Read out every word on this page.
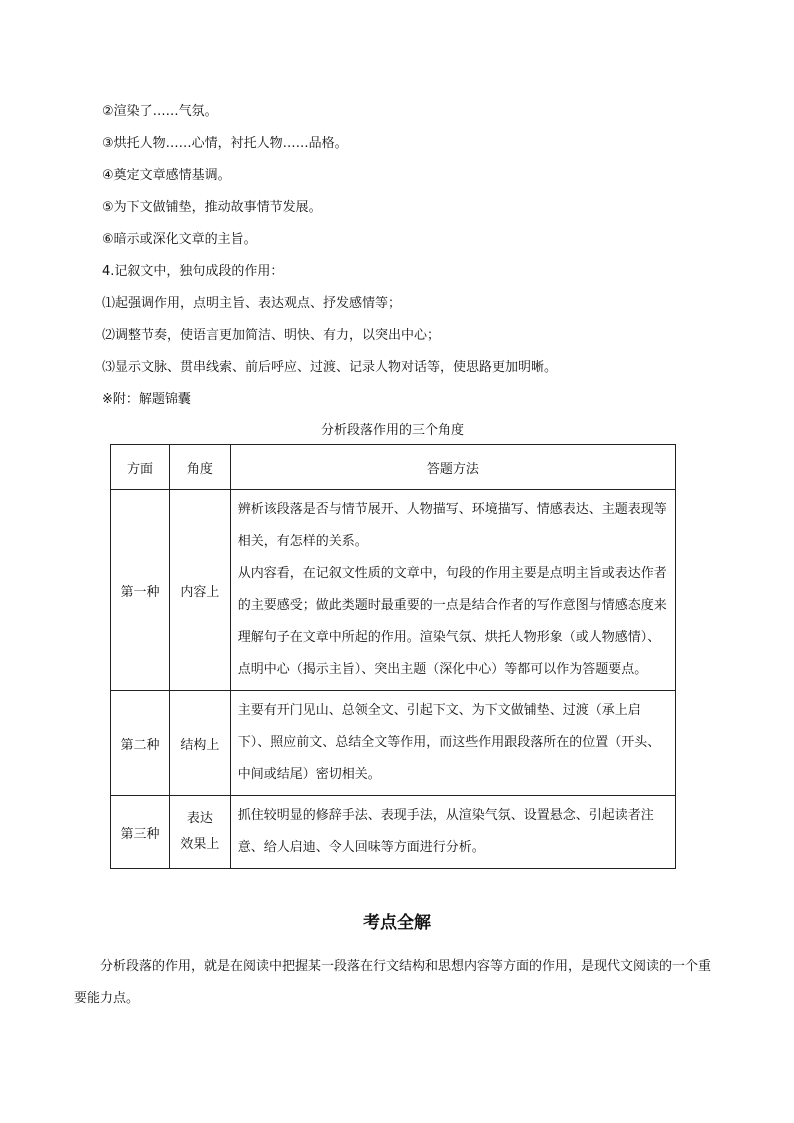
②渲染了……气氛。
③烘托人物……心情，衬托人物……品格。
④奠定文章感情基调。
⑤为下文做铺垫，推动故事情节发展。
⑥暗示或深化文章的主旨。
4.记叙文中，独句成段的作用：
⑴起强调作用，点明主旨、表达观点、抒发感情等；
⑵调整节奏，使语言更加简洁、明快、有力，以突出中心；
⑶显示文脉、贯串线索、前后呼应、过渡、记录人物对话等，使思路更加明晰。
※附：解题锦囊
分析段落作用的三个角度
方面	角度	答题方法
第一种	内容上	辨析该段落是否与情节展开、人物描写、环境描写、情感表达、主题表现等相关，有怎样的关系。

从内容看，在记叙文性质的文章中，句段的作用主要是点明主旨或表达作者的主要感受；做此类题时最重要的一点是结合作者的写作意图与情感态度来理解句子在文章中所起的作用。渲染气氛、烘托人物形象（或人物感情）、点明中心（揭示主旨）、突出主题（深化中心）等都可以作为答题要点。

第二种	结构上	主要有开门见山、总领全文、引起下文、为下文做铺垫、过渡（承上启下）、照应前文、总结全文等作用，而这些作用跟段落所在的位置（开头、中间或结尾）密切相关。

第三种	表达
效果上	抓住较明显的修辞手法、表现手法，从渲染气氛、设置悬念、引起读者注意、给人启迪、令人回味等方面进行分析。

考点全解
分析段落的作用，就是在阅读中把握某一段落在行文结构和思想内容等方面的作用，是现代文阅读的一个重要能力点。
